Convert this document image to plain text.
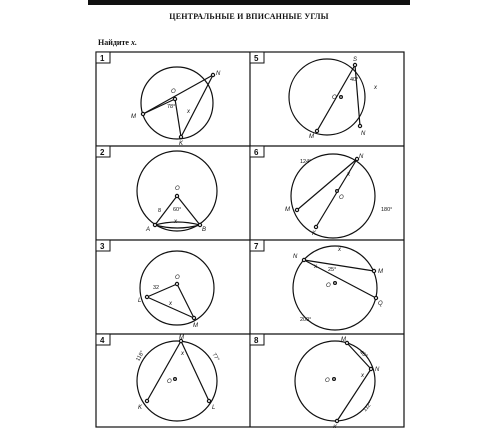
ЦЕНТРАЛЬНЫЕ И ВПИСАННЫЕ УГЛЫ
Найдите x.
1	5
2	6
3	7
4	8
O
N
M
K
78°
x
S
O
M	N
40°
x
O
A	B
8 60°
x
N
M
K
O
124°
180°
x
O
L
M
32
x
N
M
Q
O
25°
200°
x
x
M
K	L
O
118°	77°
x
M
N
K
O
46°
112°
x
